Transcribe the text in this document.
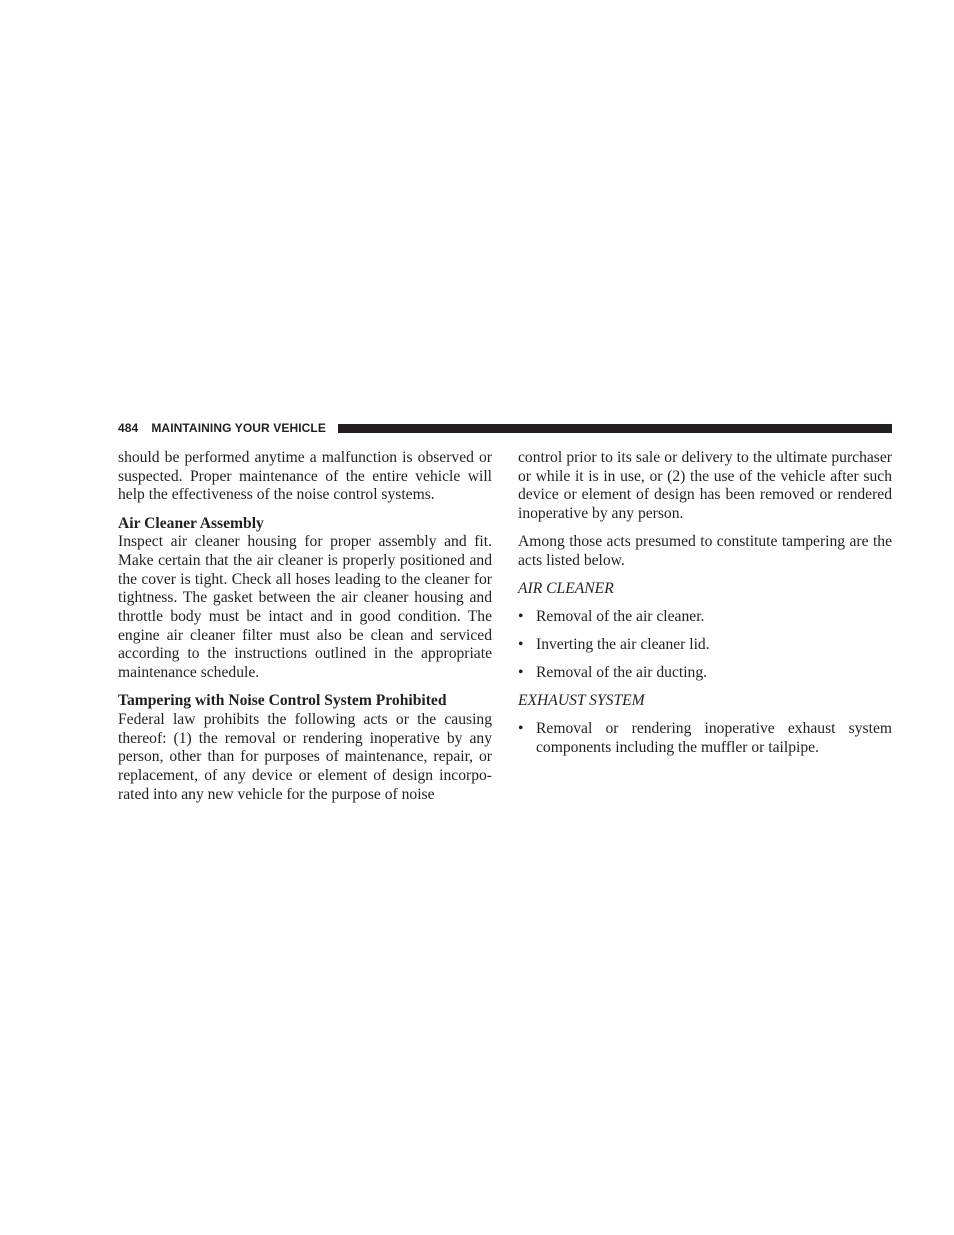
484 MAINTAINING YOUR VEHICLE

should be performed anytime a malfunction is observed or suspected. Proper maintenance of the entire vehicle will help the effectiveness of the noise control systems.

Air Cleaner Assembly

Inspect air cleaner housing for proper assembly and fit. Make certain that the air cleaner is properly positioned and the cover is tight. Check all hoses leading to the cleaner for tightness. The gasket between the air cleaner housing and throttle body must be intact and in good condition. The engine air cleaner filter must also be clean and serviced according to the instructions outlined in the appropriate maintenance schedule.

Tampering with Noise Control System Prohibited

Federal law prohibits the following acts or the causing thereof: (1) the removal or rendering inoperative by any person, other than for purposes of maintenance, repair, or replacement, of any device or element of design incorpo-rated into any new vehicle for the purpose of noise

control prior to its sale or delivery to the ultimate purchaser or while it is in use, or (2) the use of the vehicle after such device or element of design has been removed or rendered inoperative by any person.

Among those acts presumed to constitute tampering are the acts listed below.

AIR CLEANER
• Removal of the air cleaner.
• Inverting the air cleaner lid.
• Removal of the air ducting.
EXHAUST SYSTEM
• Removal or rendering inoperative exhaust system components including the muffler or tailpipe.
